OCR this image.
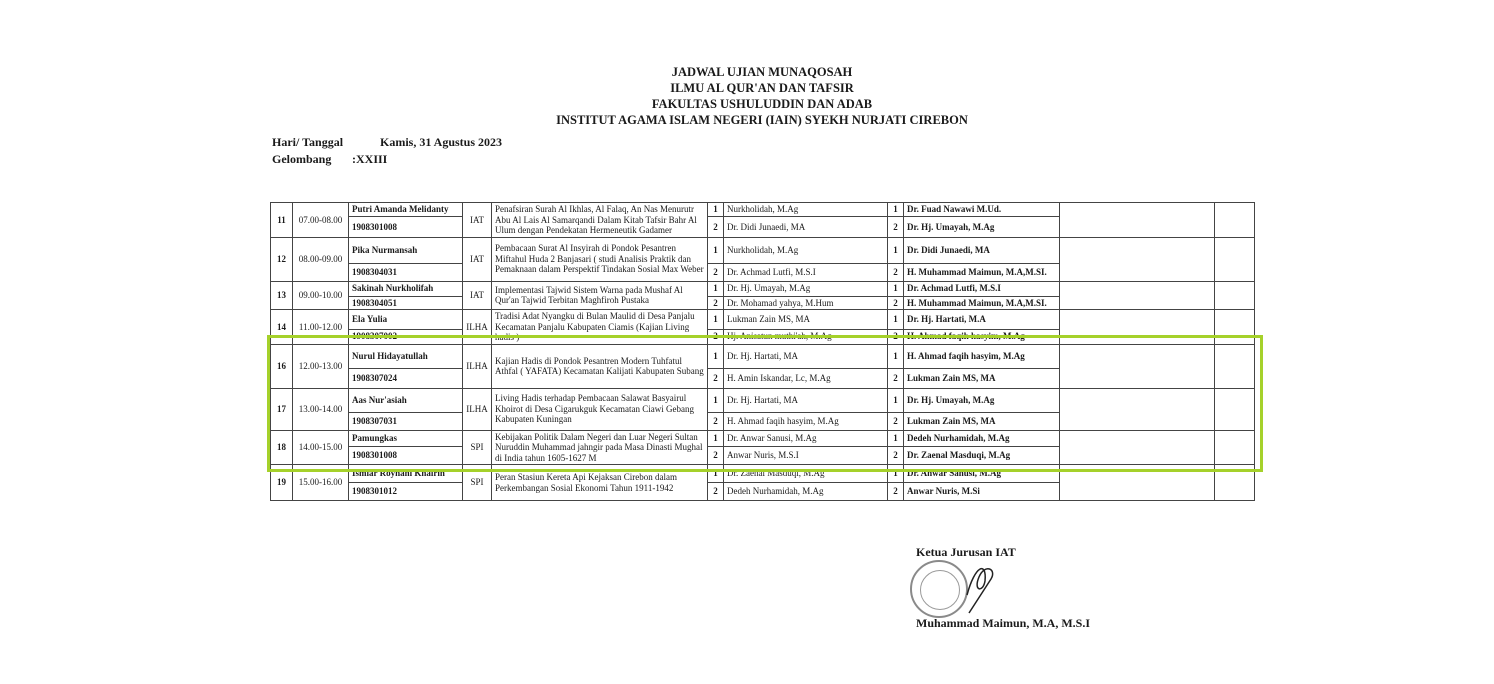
JADWAL UJIAN MUNAQOSAH
ILMU AL QUR'AN DAN TAFSIR
FAKULTAS USHULUDDIN DAN ADAB
INSTITUT AGAMA ISLAM NEGERI (IAIN) SYEKH NURJATI CIREBON
Hari/ Tanggal	Kamis, 31 Agustus 2023
Gelombang	:XXIII
11	07.00-08.00	Putri Amanda Melidanty	IAT	Penafsiran Surah Al Ikhlas, Al Falaq, An Nas Menurutr Abu Al Lais Al Samarqandi Dalam Kitab Tafsir Bahr Al Ulum dengan Pendekatan Hermeneutik Gadamer	1	Nurkholidah, M.Ag	1	Dr. Fuad Nawawi M.Ud.		
		1908301008			2	Dr. Didi Junaedi, MA	2	Dr. Hj. Umayah, M.Ag		
12	08.00-09.00	Pika Nurmansah	IAT	Pembacaan Surat Al Insyirah di Pondok Pesantren Miftahul Huda 2 Banjasari ( studi Analisis Praktik dan Pemaknaan dalam Perspektif Tindakan Sosial Max Weber	1	Nurkholidah, M.Ag	1	Dr. Didi Junaedi, MA		
		1908304031			2	Dr. Achmad Lutfi, M.S.I	2	H. Muhammad Maimun, M.A,M.SI.		
13	09.00-10.00	Sakinah Nurkholifah	IAT	Implementasi Tajwid Sistem Warna pada Mushaf Al Qur'an Tajwid Terbitan Maghfiroh Pustaka	1	Dr. Hj. Umayah, M.Ag	1	Dr. Achmad Lutfi, M.S.I		
		1908304051			2	Dr. Mohamad yahya, M.Hum	2	H. Muhammad Maimun, M.A,M.SI.		
14	11.00-12.00	Ela Yulia	ILHA	Tradisi Adat Nyangku di Bulan Maulid di Desa Panjalu Kecamatan Panjalu Kabupaten Ciamis (Kajian Living hadis )	1	Lukman Zain MS, MA	1	Dr. Hj. Hartati, M.A		
		1908307002			2	Hj. Anisatun muthi'ah, M.Ag	2	H. Ahmad faqih hasyim, M.Ag		
16	12.00-13.00	Nurul Hidayatullah	ILHA	Kajian Hadis di Pondok Pesantren Modern Tuhfatul Athfal ( YAFATA) Kecamatan Kalijati Kabupaten Subang	1	Dr. Hj. Hartati, MA	1	H. Ahmad faqih hasyim, M.Ag		
		1908307024			2	H. Amin Iskandar, Lc, M.Ag	2	Lukman Zain MS, MA		
17	13.00-14.00	Aas Nur'asiah	ILHA	Living Hadis terhadap Pembacaan Salawat Basyairul Khoirot di Desa Cigarukguk Kecamatan Ciawi Gebang Kabupaten Kuningan	1	Dr. Hj. Hartati, MA	1	Dr. Hj. Umayah, M.Ag		
		1908307031			2	H. Ahmad faqih hasyim, M.Ag	2	Lukman Zain MS, MA		
18	14.00-15.00	Pamungkas	SPI	Kebijakan Politik Dalam Negeri dan Luar Negeri Sultan Nuruddin Muhammad jahngir pada Masa Dinasti Mughal di India tahun 1605-1627 M	1	Dr. Anwar Sanusi, M.Ag	1	Dedeh Nurhamidah, M.Ag		
		1908301008			2	Anwar Nuris, M.S.I	2	Dr. Zaenal Masduqi, M.Ag		
19	15.00-16.00	Ismiar Royhani Khairin	SPI	Peran Stasiun Kereta Api Kejaksan Cirebon dalam Perkembangan Sosial Ekonomi Tahun 1911-1942	1	Dr. Zaenal Masduqi, M.Ag	1	Dr. Anwar Sanusi, M.Ag		
		1908301012			2	Dedeh Nurhamidah, M.Ag	2	Anwar Nuris, M.Si		
Ketua Jurusan IAT
Muhammad Maimun, M.A, M.S.I
